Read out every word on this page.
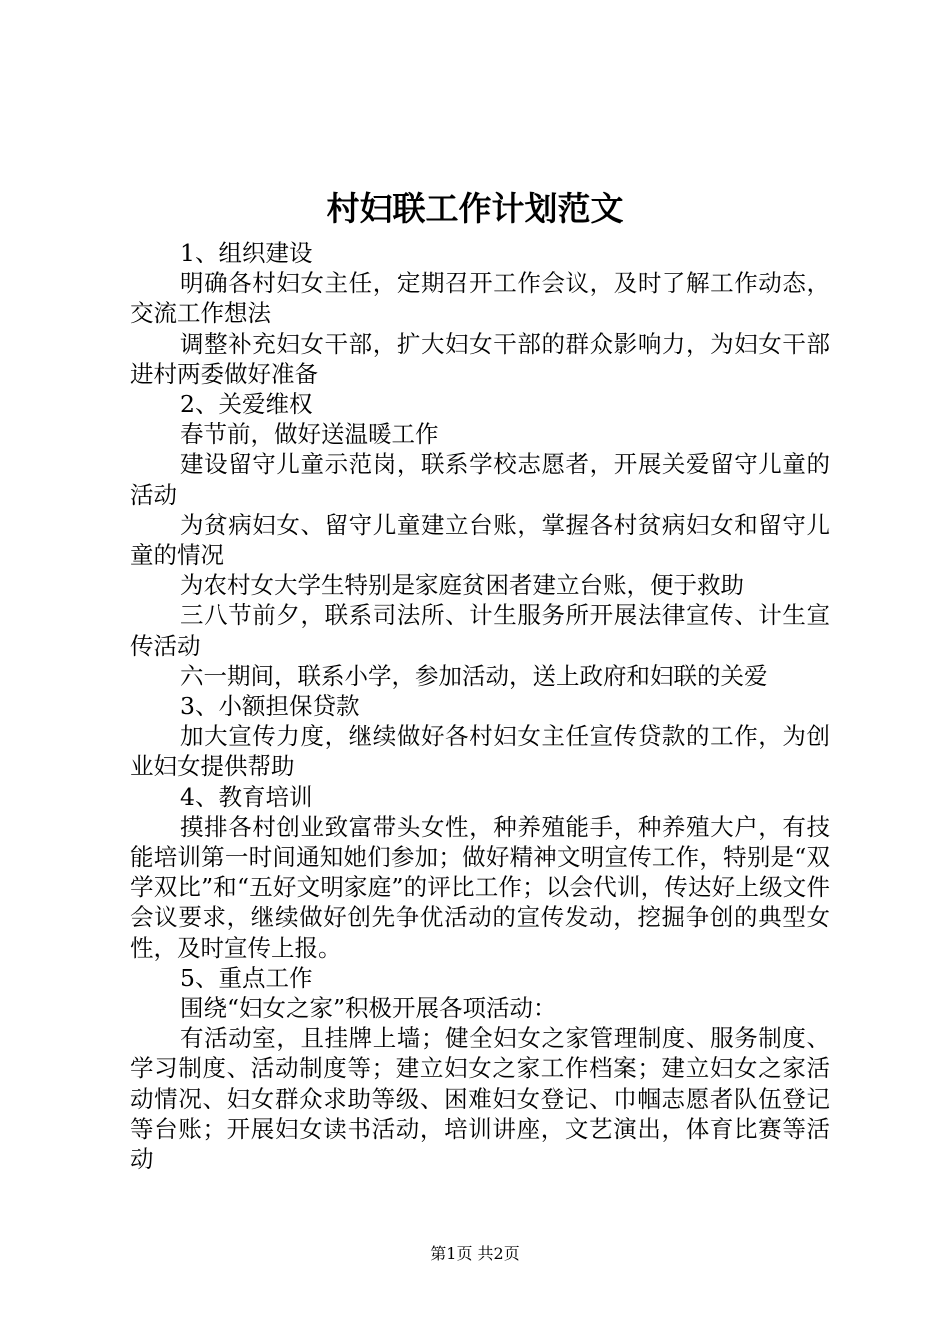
村妇联工作计划范文

1、组织建设

明确各村妇女主任，定期召开工作会议，及时了解工作动态，交流工作想法

调整补充妇女干部，扩大妇女干部的群众影响力，为妇女干部进村两委做好准备

2、关爱维权

春节前，做好送温暖工作

建设留守儿童示范岗，联系学校志愿者，开展关爱留守儿童的活动

为贫病妇女、留守儿童建立台账，掌握各村贫病妇女和留守儿童的情况

为农村女大学生特别是家庭贫困者建立台账，便于救助

三八节前夕，联系司法所、计生服务所开展法律宣传、计生宣传活动

六一期间，联系小学，参加活动，送上政府和妇联的关爱

3、小额担保贷款

加大宣传力度，继续做好各村妇女主任宣传贷款的工作，为创业妇女提供帮助

4、教育培训

摸排各村创业致富带头女性，种养殖能手，种养殖大户，有技能培训第一时间通知她们参加；做好精神文明宣传工作，特别是“双学双比”和“五好文明家庭”的评比工作；以会代训，传达好上级文件会议要求，继续做好创先争优活动的宣传发动，挖掘争创的典型女性，及时宣传上报。

5、重点工作

围绕“妇女之家”积极开展各项活动：

有活动室，且挂牌上墙；健全妇女之家管理制度、服务制度、学习制度、活动制度等；建立妇女之家工作档案；建立妇女之家活动情况、妇女群众求助等级、困难妇女登记、巾帼志愿者队伍登记等台账；开展妇女读书活动，培训讲座，文艺演出，体育比赛等活动

第1页 共2页
